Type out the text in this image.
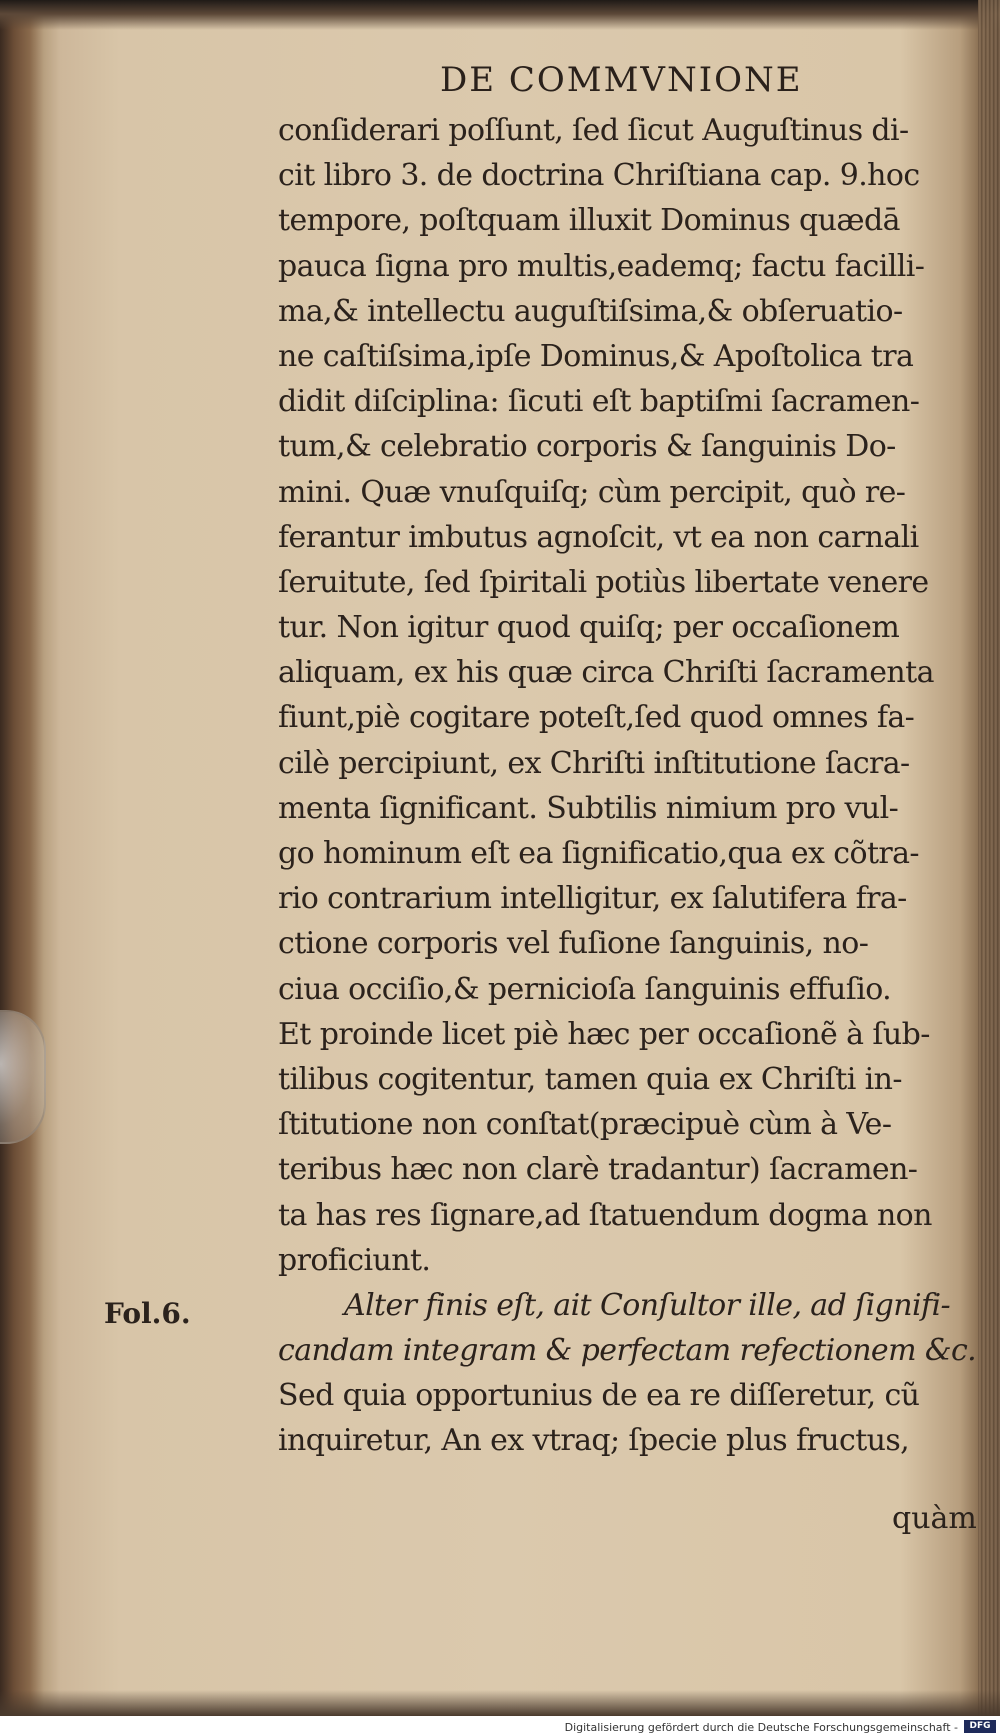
DE COMMVNIONE
conſiderari poſſunt, ſed ſicut Auguſtinus di-
cit libro 3. de doctrina Chriſtiana cap. 9.hoc
tempore, poſtquam illuxit Dominus quædā
pauca ſigna pro multis,eademq; factu facilli-
ma,& intellectu auguſtiſsima,& obſeruatio-
ne caſtiſsima,ipſe Dominus,& Apoſtolica tra
didit diſciplina: ſicuti eſt baptiſmi ſacramen-
tum,& celebratio corporis & ſanguinis Do-
mini. Quæ vnuſquiſq; cùm percipit, quò re-
ferantur imbutus agnoſcit, vt ea non carnali
ſeruitute, ſed ſpiritali potiùs libertate venere
tur. Non igitur quod quiſq; per occaſionem
aliquam, ex his quæ circa Chriſti ſacramenta
fiunt,piè cogitare poteſt,ſed quod omnes fa-
cilè percipiunt, ex Chriſti inſtitutione ſacra-
menta ſignificant. Subtilis nimium pro vul-
go hominum eſt ea ſignificatio,qua ex cõtra-
rio contrarium intelligitur, ex ſalutifera fra-
ctione corporis vel fuſione ſanguinis, no-
ciua occiſio,& pernicioſa ſanguinis effuſio.
Et proinde licet piè hæc per occaſionẽ à ſub-
tilibus cogitentur, tamen quia ex Chriſti in-
ſtitutione non conſtat(præcipuè cùm à Ve-
teribus hæc non clarè tradantur) ſacramen-
ta has res ſignare,ad ſtatuendum dogma non
proficiunt.
Alter finis eſt, ait Conſultor ille, ad ſignifi-
candam integram & perfectam refectionem &c.
Sed quia opportunius de ea re diſſeretur, cũ
inquiretur, An ex vtraq; ſpecie plus fructus,
Fol.6.
quàm
Digitalisierung gefördert durch die Deutsche Forschungsgemeinschaft -	DFG
